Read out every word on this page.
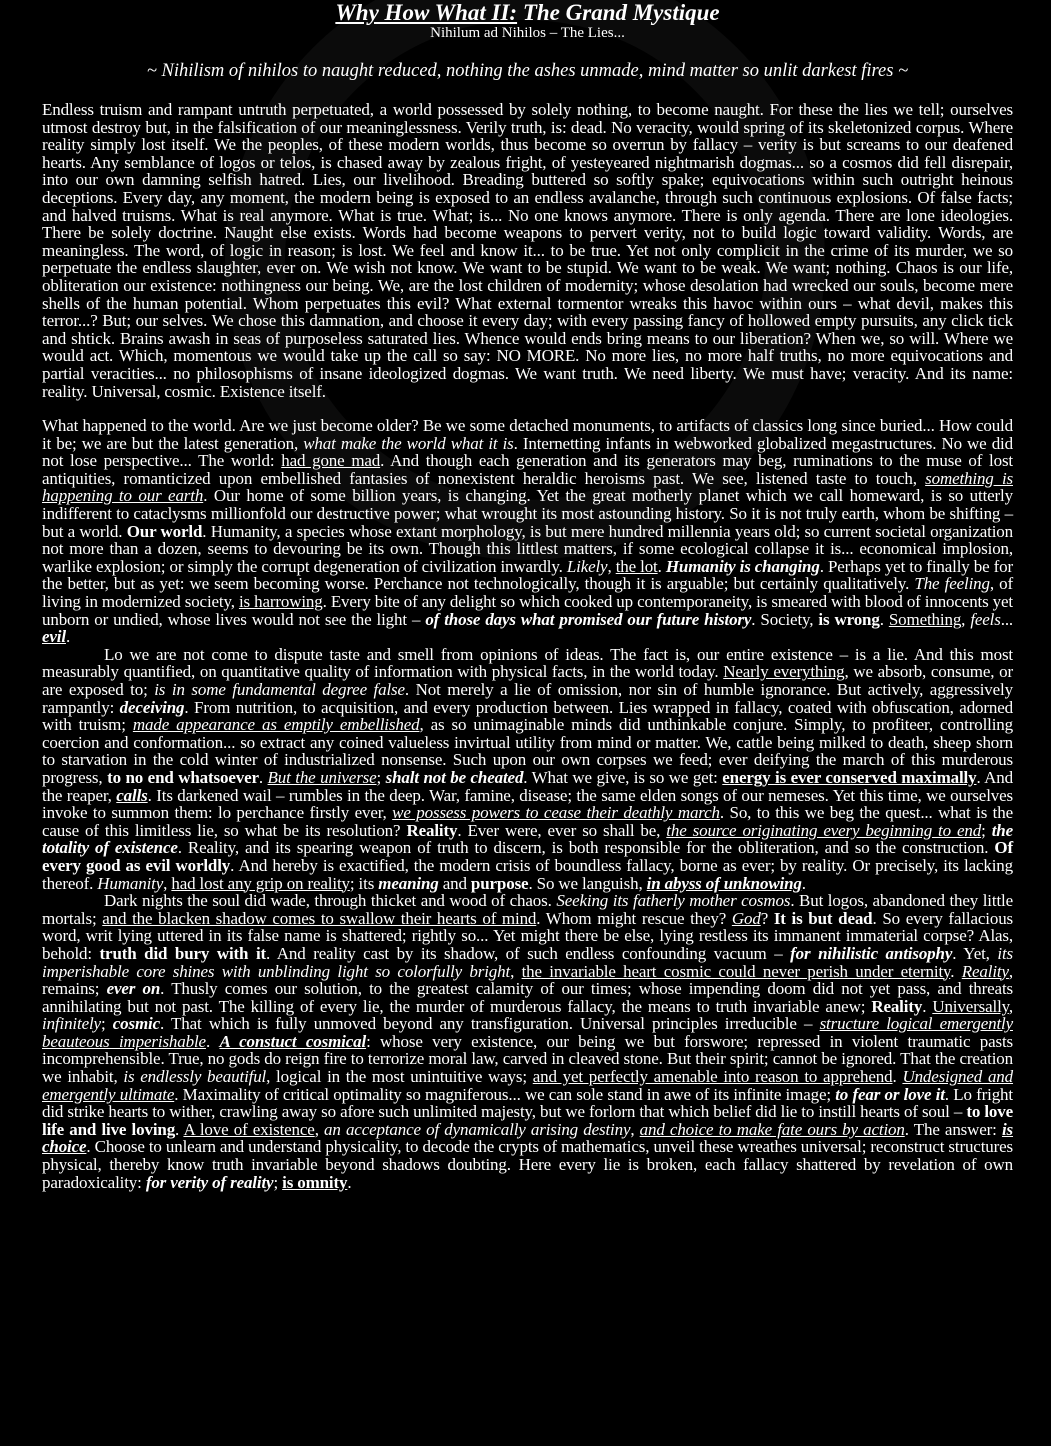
Why How What II: The Grand Mystique

Nihilum ad Nihilos – The Lies...

~ Nihilism of nihilos to naught reduced, nothing the ashes unmade, mind matter so unlit darkest fires ~

Endless truism and rampant untruth perpetuated, a world possessed by solely nothing, to become naught. For these the lies we tell; ourselves utmost destroy but, in the falsification of our meaninglessness. Verily truth, is: dead. No veracity, would spring of its skeletonized corpus. Where reality simply lost itself. We the peoples, of these modern worlds, thus become so overrun by fallacy – verity is but screams to our deafened hearts. Any semblance of logos or telos, is chased away by zealous fright, of yesteyeared nightmarish dogmas... so a cosmos did fell disrepair, into our own damning selfish hatred. Lies, our livelihood. Breading buttered so softly spake; equivocations within such outright heinous deceptions. Every day, any moment, the modern being is exposed to an endless avalanche, through such continuous explosions. Of false facts; and halved truisms. What is real anymore. What is true. What; is... No one knows anymore. There is only agenda. There are lone ideologies. There be solely doctrine. Naught else exists. Words had become weapons to pervert verity, not to build logic toward validity. Words, are meaningless. The word, of logic in reason; is lost. We feel and know it... to be true. Yet not only complicit in the crime of its murder, we so perpetuate the endless slaughter, ever on. We wish not know. We want to be stupid. We want to be weak. We want; nothing. Chaos is our life, obliteration our existence: nothingness our being. We, are the lost children of modernity; whose desolation had wrecked our souls, become mere shells of the human potential. Whom perpetuates this evil? What external tormentor wreaks this havoc within ours – what devil, makes this terror...? But; our selves. We chose this damnation, and choose it every day; with every passing fancy of hollowed empty pursuits, any click tick and shtick. Brains awash in seas of purposeless saturated lies. Whence would ends bring means to our liberation? When we, so will. Where we would act. Which, momentous we would take up the call so say: NO MORE. No more lies, no more half truths, no more equivocations and partial veracities... no philosophisms of insane ideologized dogmas. We want truth. We need liberty. We must have; veracity. And its name: reality. Universal, cosmic. Existence itself.

What happened to the world. Are we just become older? Be we some detached monuments, to artifacts of classics long since buried... How could it be; we are but the latest generation, what make the world what it is. Internetting infants in webworked globalized megastructures. No we did not lose perspective... The world: had gone mad. And though each generation and its generators may beg, ruminations to the muse of lost antiquities, romanticized upon embellished fantasies of nonexistent heraldic heroisms past. We see, listened taste to touch, something is happening to our earth. Our home of some billion years, is changing. Yet the great motherly planet which we call homeward, is so utterly indifferent to cataclysms millionfold our destructive power; what wrought its most astounding history. So it is not truly earth, whom be shifting – but a world. Our world. Humanity, a species whose extant morphology, is but mere hundred millennia years old; so current societal organization not more than a dozen, seems to devouring be its own. Though this littlest matters, if some ecological collapse it is... economical implosion, warlike explosion; or simply the corrupt degeneration of civilization inwardly. Likely, the lot. Humanity is changing. Perhaps yet to finally be for the better, but as yet: we seem becoming worse. Perchance not technologically, though it is arguable; but certainly qualitatively. The feeling, of living in modernized society, is harrowing. Every bite of any delight so which cooked up contemporaneity, is smeared with blood of innocents yet unborn or undied, whose lives would not see the light – of those days what promised our future history. Society, is wrong. Something, feels... evil.

Lo we are not come to dispute taste and smell from opinions of ideas. The fact is, our entire existence – is a lie. And this most measurably quantified, on quantitative quality of information with physical facts, in the world today. Nearly everything, we absorb, consume, or are exposed to; is in some fundamental degree false. Not merely a lie of omission, nor sin of humble ignorance. But actively, aggressively rampantly: deceiving. From nutrition, to acquisition, and every production between. Lies wrapped in fallacy, coated with obfuscation, adorned with truism; made appearance as emptily embellished, as so unimaginable minds did unthinkable conjure. Simply, to profiteer, controlling coercion and conformation... so extract any coined valueless invirtual utility from mind or matter. We, cattle being milked to death, sheep shorn to starvation in the cold winter of industrialized nonsense. Such upon our own corpses we feed; ever deifying the march of this murderous progress, to no end whatsoever. But the universe; shalt not be cheated. What we give, is so we get: energy is ever conserved maximally. And the reaper, calls. Its darkened wail – rumbles in the deep. War, famine, disease; the same elden songs of our nemeses. Yet this time, we ourselves invoke to summon them: lo perchance firstly ever, we possess powers to cease their deathly march. So, to this we beg the quest... what is the cause of this limitless lie, so what be its resolution? Reality. Ever were, ever so shall be, the source originating every beginning to end; the totality of existence. Reality, and its spearing weapon of truth to discern, is both responsible for the obliteration, and so the construction. Of every good as evil worldly. And hereby is exactified, the modern crisis of boundless fallacy, borne as ever; by reality. Or precisely, its lacking thereof. Humanity, had lost any grip on reality; its meaning and purpose. So we languish, in abyss of unknowing.

Dark nights the soul did wade, through thicket and wood of chaos. Seeking its fatherly mother cosmos. But logos, abandoned they little mortals; and the blacken shadow comes to swallow their hearts of mind. Whom might rescue they? God? It is but dead. So every fallacious word, writ lying uttered in its false name is shattered; rightly so... Yet might there be else, lying restless its immanent immaterial corpse? Alas, behold: truth did bury with it. And reality cast by its shadow, of such endless confounding vacuum – for nihilistic antisophy. Yet, its imperishable core shines with unblinding light so colorfully bright, the invariable heart cosmic could never perish under eternity. Reality, remains; ever on. Thusly comes our solution, to the greatest calamity of our times; whose impending doom did not yet pass, and threats annihilating but not past. The killing of every lie, the murder of murderous fallacy, the means to truth invariable anew; Reality. Universally, infinitely; cosmic. That which is fully unmoved beyond any transfiguration. Universal principles irreducible – structure logical emergently beauteous imperishable. A constuct cosmical: whose very existence, our being we but forswore; repressed in violent traumatic pasts incomprehensible. True, no gods do reign fire to terrorize moral law, carved in cleaved stone. But their spirit; cannot be ignored. That the creation we inhabit, is endlessly beautiful, logical in the most unintuitive ways; and yet perfectly amenable into reason to apprehend. Undesigned and emergently ultimate. Maximality of critical optimality so magniferous... we can sole stand in awe of its infinite image; to fear or love it. Lo fright did strike hearts to wither, crawling away so afore such unlimited majesty, but we forlorn that which belief did lie to instill hearts of soul – to love life and live loving. A love of existence, an acceptance of dynamically arising destiny, and choice to make fate ours by action. The answer: is choice. Choose to unlearn and understand physicality, to decode the crypts of mathematics, unveil these wreathes universal; reconstruct structures physical, thereby know truth invariable beyond shadows doubting. Here every lie is broken, each fallacy shattered by revelation of own paradoxicality: for verity of reality; is omnity.
